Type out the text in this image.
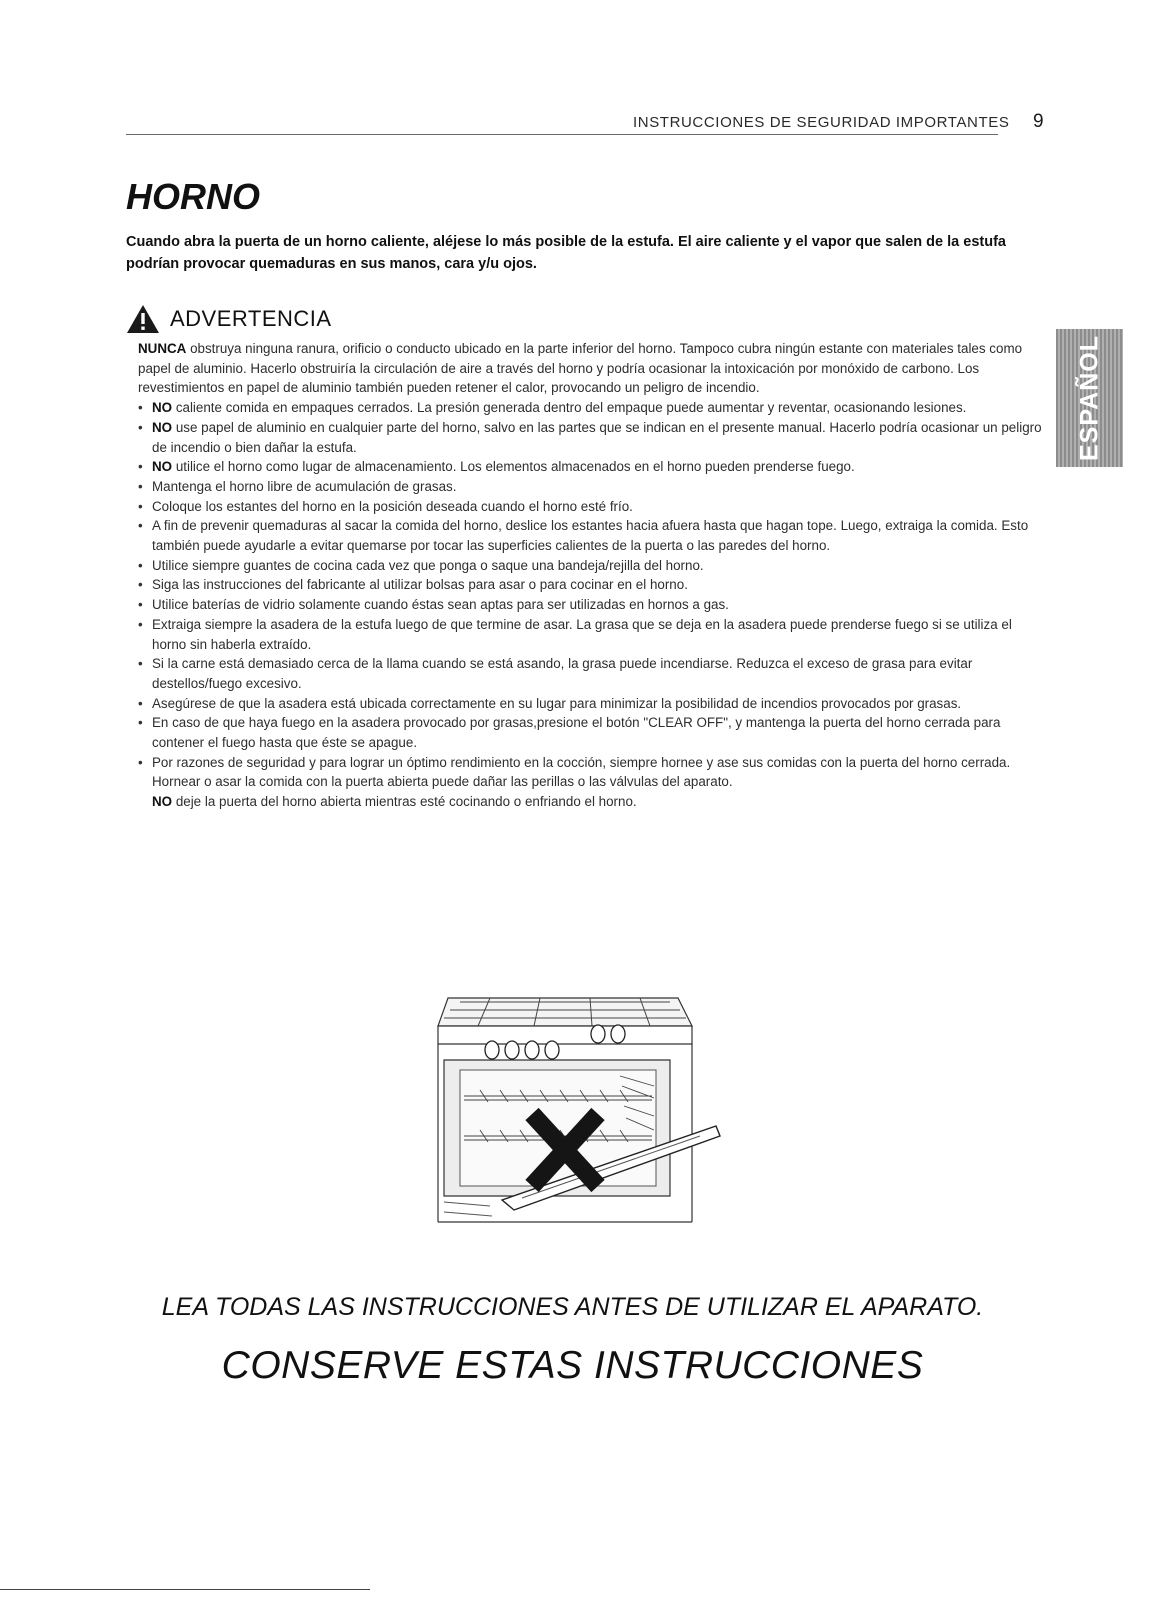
INSTRUCCIONES DE SEGURIDAD IMPORTANTES 9
ESPAÑOL
HORNO
Cuando abra la puerta de un horno caliente, aléjese lo más posible de la estufa. El aire caliente y el vapor que salen de la estufa podrían provocar quemaduras en sus manos, cara y/u ojos.
ADVERTENCIA

NUNCA obstruya ninguna ranura, orificio o conducto ubicado en la parte inferior del horno. Tampoco cubra ningún estante con materiales tales como papel de aluminio. Hacerlo obstruiría la circulación de aire a través del horno y podría ocasionar la intoxicación por monóxido de carbono. Los revestimientos en papel de aluminio también pueden retener el calor, provocando un peligro de incendio.

• NO caliente comida en empaques cerrados. La presión generada dentro del empaque puede aumentar y reventar, ocasionando lesiones.
• NO use papel de aluminio en cualquier parte del horno, salvo en las partes que se indican en el presente manual. Hacerlo podría ocasionar un peligro de incendio o bien dañar la estufa.
• NO utilice el horno como lugar de almacenamiento. Los elementos almacenados en el horno pueden prenderse fuego.
• Mantenga el horno libre de acumulación de grasas.
• Coloque los estantes del horno en la posición deseada cuando el horno esté frío.
• A fin de prevenir quemaduras al sacar la comida del horno, deslice los estantes hacia afuera hasta que hagan tope. Luego, extraiga la comida. Esto también puede ayudarle a evitar quemarse por tocar las superficies calientes de la puerta o las paredes del horno.
• Utilice siempre guantes de cocina cada vez que ponga o saque una bandeja/rejilla del horno.
• Siga las instrucciones del fabricante al utilizar bolsas para asar o para cocinar en el horno.
• Utilice baterías de vidrio solamente cuando éstas sean aptas para ser utilizadas en hornos a gas.
• Extraiga siempre la asadera de la estufa luego de que termine de asar. La grasa que se deja en la asadera puede prenderse fuego si se utiliza el horno sin haberla extraído.
• Si la carne está demasiado cerca de la llama cuando se está asando, la grasa puede incendiarse. Reduzca el exceso de grasa para evitar destellos/fuego excesivo.
• Asegúrese de que la asadera está ubicada correctamente en su lugar para minimizar la posibilidad de incendios provocados por grasas.
• En caso de que haya fuego en la asadera provocado por grasas,presione el botón "CLEAR OFF", y mantenga la puerta del horno cerrada para contener el fuego hasta que éste se apague.
• Por razones de seguridad y para lograr un óptimo rendimiento en la cocción, siempre hornee y ase sus comidas con la puerta del horno cerrada.

Hornear o asar la comida con la puerta abierta puede dañar las perillas o las válvulas del aparato.

NO deje la puerta del horno abierta mientras esté cocinando o enfriando el horno.

LEA TODAS LAS INSTRUCCIONES ANTES DE UTILIZAR EL APARATO.
CONSERVE ESTAS INSTRUCCIONES
